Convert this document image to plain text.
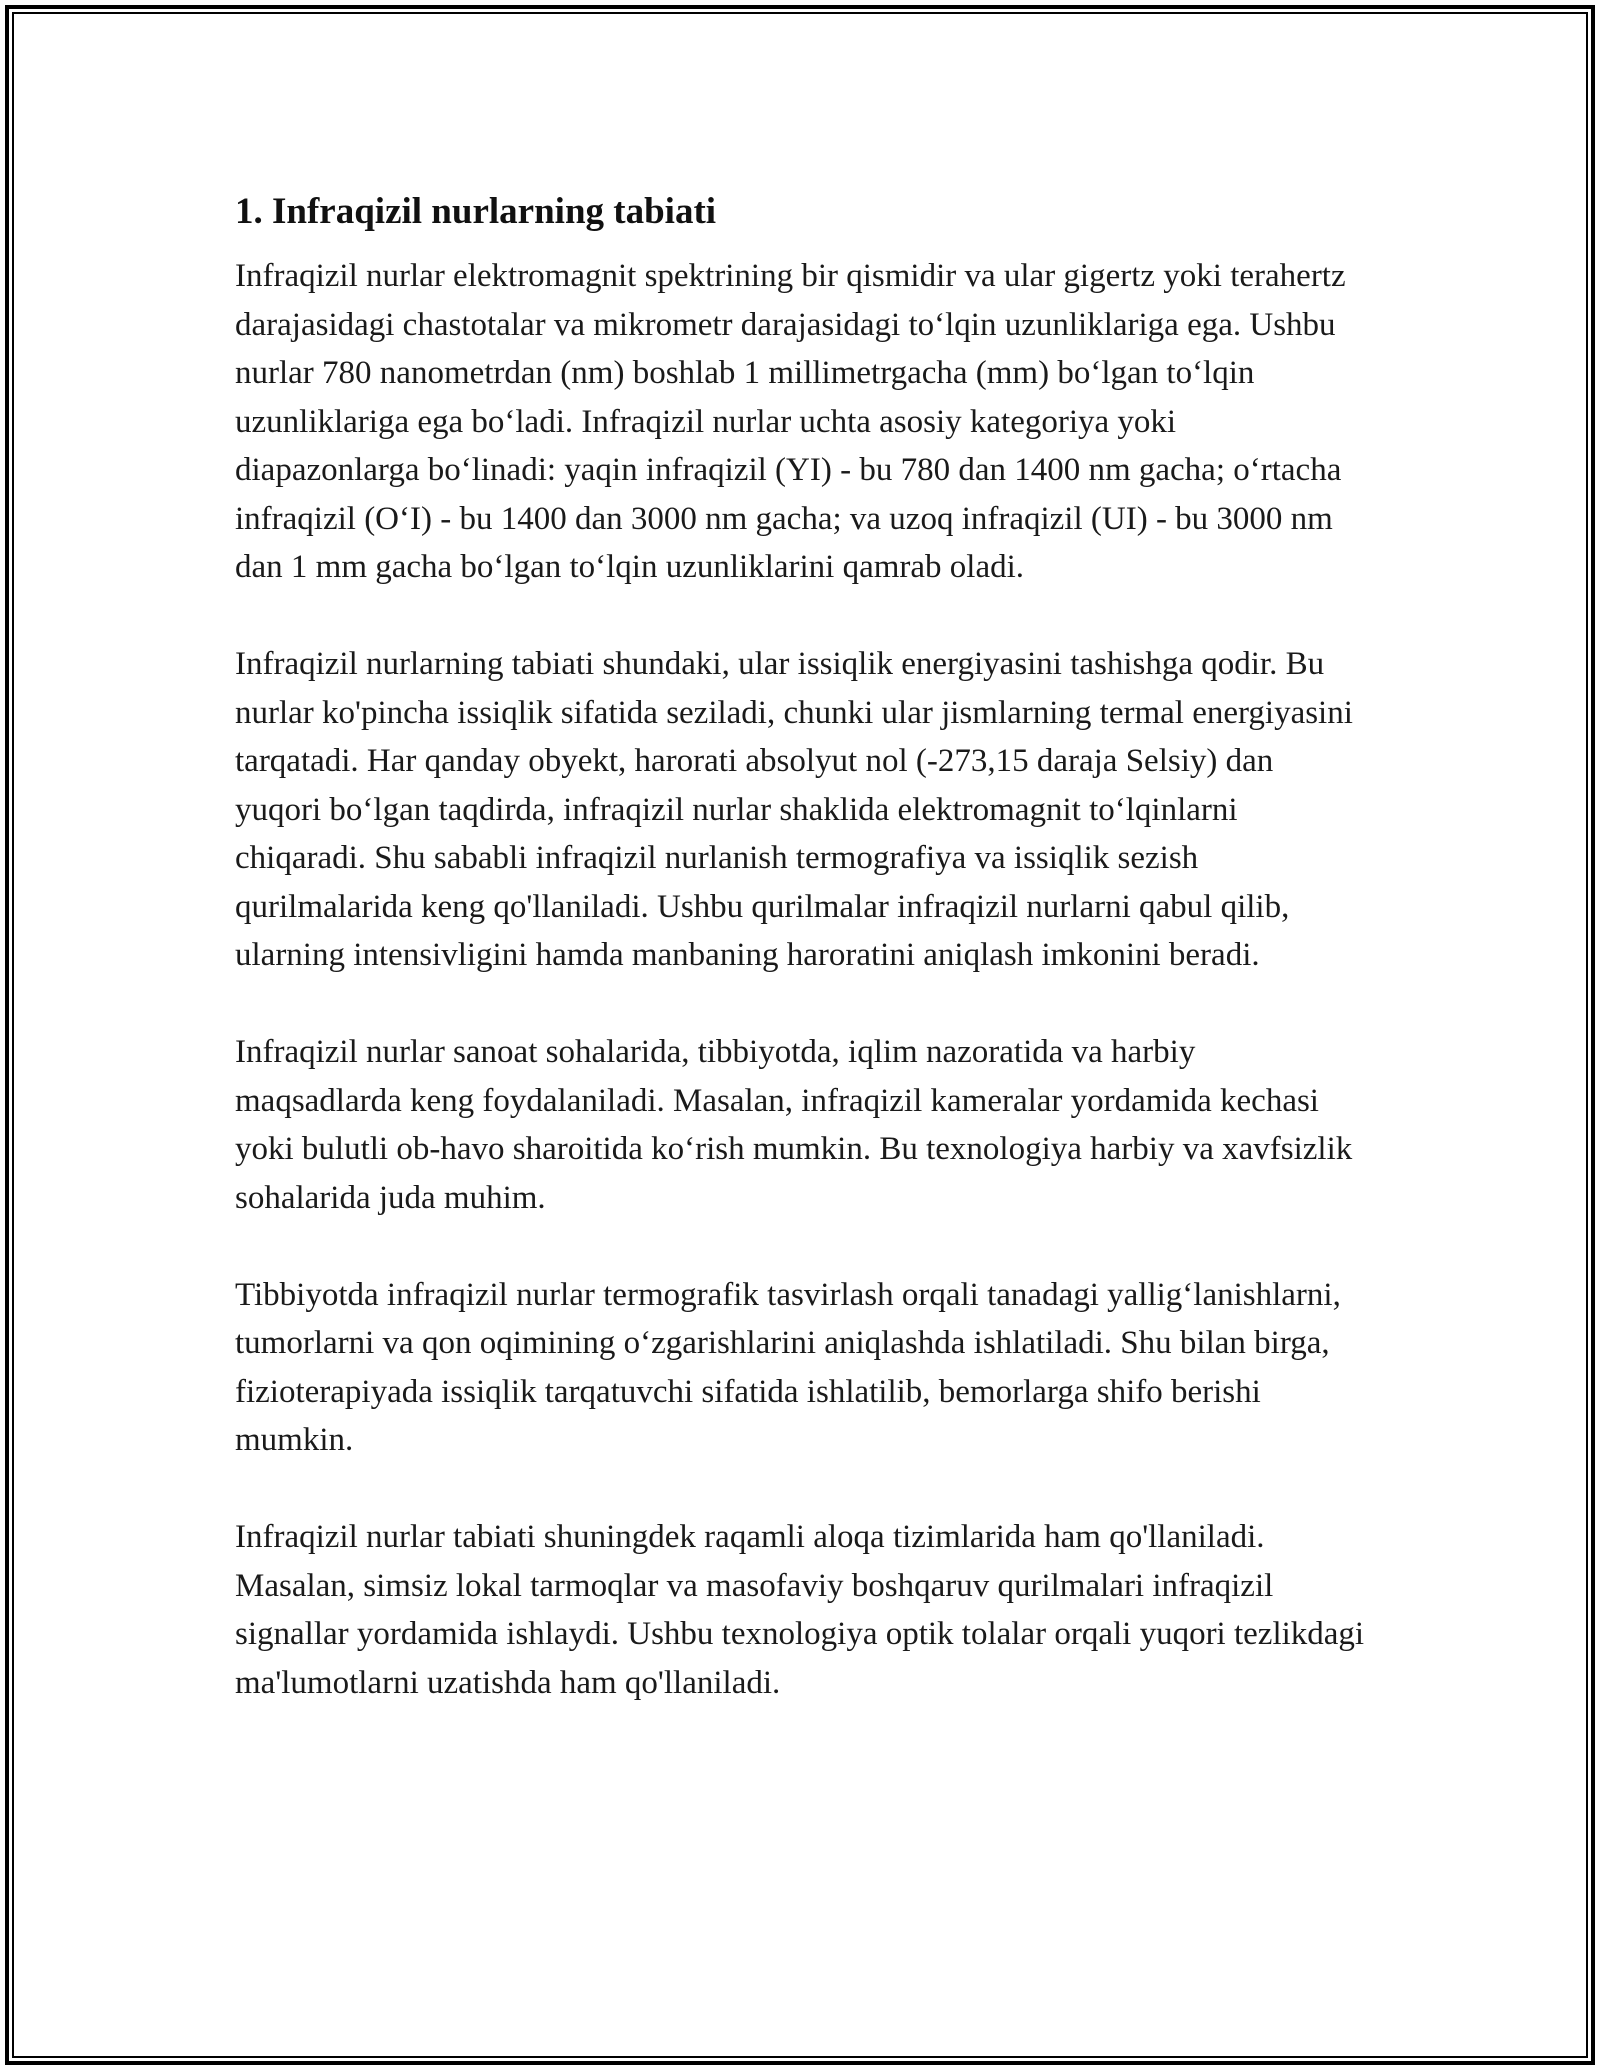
1. Infraqizil nurlarning tabiati

Infraqizil nurlar elektromagnit spektrining bir qismidir va ular gigertz yoki terahertz darajasidagi chastotalar va mikrometr darajasidagi to‘lqin uzunliklariga ega. Ushbu nurlar 780 nanometrdan (nm) boshlab 1 millimetrgacha (mm) bo‘lgan to‘lqin uzunliklariga ega bo‘ladi. Infraqizil nurlar uchta asosiy kategoriya yoki diapazonlarga bo‘linadi: yaqin infraqizil (YI) - bu 780 dan 1400 nm gacha; o‘rtacha infraqizil (O‘I) - bu 1400 dan 3000 nm gacha; va uzoq infraqizil (UI) - bu 3000 nm dan 1 mm gacha bo‘lgan to‘lqin uzunliklarini qamrab oladi.

Infraqizil nurlarning tabiati shundaki, ular issiqlik energiyasini tashishga qodir. Bu nurlar ko'pincha issiqlik sifatida seziladi, chunki ular jismlarning termal energiyasini tarqatadi. Har qanday obyekt, harorati absolyut nol (-273,15 daraja Selsiy) dan yuqori bo‘lgan taqdirda, infraqizil nurlar shaklida elektromagnit to‘lqinlarni chiqaradi. Shu sababli infraqizil nurlanish termografiya va issiqlik sezish qurilmalarida keng qo'llaniladi. Ushbu qurilmalar infraqizil nurlarni qabul qilib, ularning intensivligini hamda manbaning haroratini aniqlash imkonini beradi.

Infraqizil nurlar sanoat sohalarida, tibbiyotda, iqlim nazoratida va harbiy maqsadlarda keng foydalaniladi. Masalan, infraqizil kameralar yordamida kechasi yoki bulutli ob-havo sharoitida ko‘rish mumkin. Bu texnologiya harbiy va xavfsizlik sohalarida juda muhim.

Tibbiyotda infraqizil nurlar termografik tasvirlash orqali tanadagi yallig‘lanishlarni, tumorlarni va qon oqimining o‘zgarishlarini aniqlashda ishlatiladi. Shu bilan birga, fizioterapiyada issiqlik tarqatuvchi sifatida ishlatilib, bemorlarga shifo berishi mumkin.

Infraqizil nurlar tabiati shuningdek raqamli aloqa tizimlarida ham qo'llaniladi. Masalan, simsiz lokal tarmoqlar va masofaviy boshqaruv qurilmalari infraqizil signallar yordamida ishlaydi. Ushbu texnologiya optik tolalar orqali yuqori tezlikdagi ma'lumotlarni uzatishda ham qo'llaniladi.
